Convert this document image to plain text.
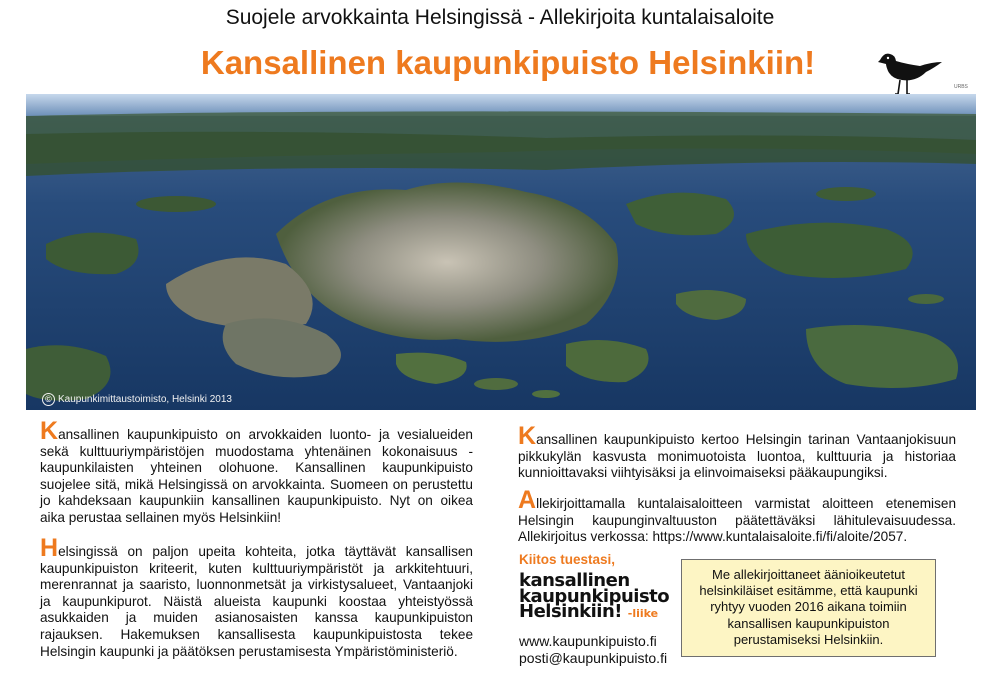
Suojele arvokkainta Helsingissä - Allekirjoita kuntalaisaloite
Kansallinen kaupunkipuisto Helsinkiin!
URBS
© Kaupunkimittaustoimisto, Helsinki 2013

Kansallinen kaupunkipuisto on arvokkaiden luonto- ja vesialueiden sekä kulttuuriympäristöjen muodostama yhtenäinen kokonaisuus - kaupunkilaisten yhteinen olohuone. Kansallinen kaupunkipuisto suojelee sitä, mikä Helsingissä on arvokkainta. Suomeen on perustettu jo kahdeksaan kaupunkiin kansallinen kaupunkipuisto. Nyt on oikea aika perustaa sellainen myös Helsinkiin!

Helsingissä on paljon upeita kohteita, jotka täyttävät kansallisen kaupunkipuiston kriteerit, kuten kulttuuriympäristöt ja arkkitehtuuri, merenrannat ja saaristo, luonnonmetsät ja virkistysalueet, Vantaanjoki ja kaupunkipurot. Näistä alueista kaupunki koostaa yhteistyössä asukkaiden ja muiden asianosaisten kanssa kaupunkipuiston rajauksen. Hakemuksen kansallisesta kaupunkipuistosta tekee Helsingin kaupunki ja päätöksen perustamisesta Ympäristöministeriö.

Kansallinen kaupunkipuisto kertoo Helsingin tarinan Vantaanjokisuun pikkukylän kasvusta monimuotoista luontoa, kulttuuria ja historiaa kunnioittavaksi viihtyisäksi ja elinvoimaiseksi pääkaupungiksi.

Allekirjoittamalla kuntalaisaloitteen varmistat aloitteen etenemisen Helsingin kaupunginvaltuuston päätettäväksi lähitulevaisuudessa. Allekirjoitus verkossa: https://www.kuntalaisaloite.fi/fi/aloite/2057.

Kiitos tuestasi,
kansallinen
kaupunkipuisto
Helsinkiin! -liike
www.kaupunkipuisto.fi
posti@kaupunkipuisto.fi
Me allekirjoittaneet äänioikeutetut helsinkiläiset esitämme, että kaupunki ryhtyy vuoden 2016 aikana toimiin kansallisen kaupunkipuiston perustamiseksi Helsinkiin.
